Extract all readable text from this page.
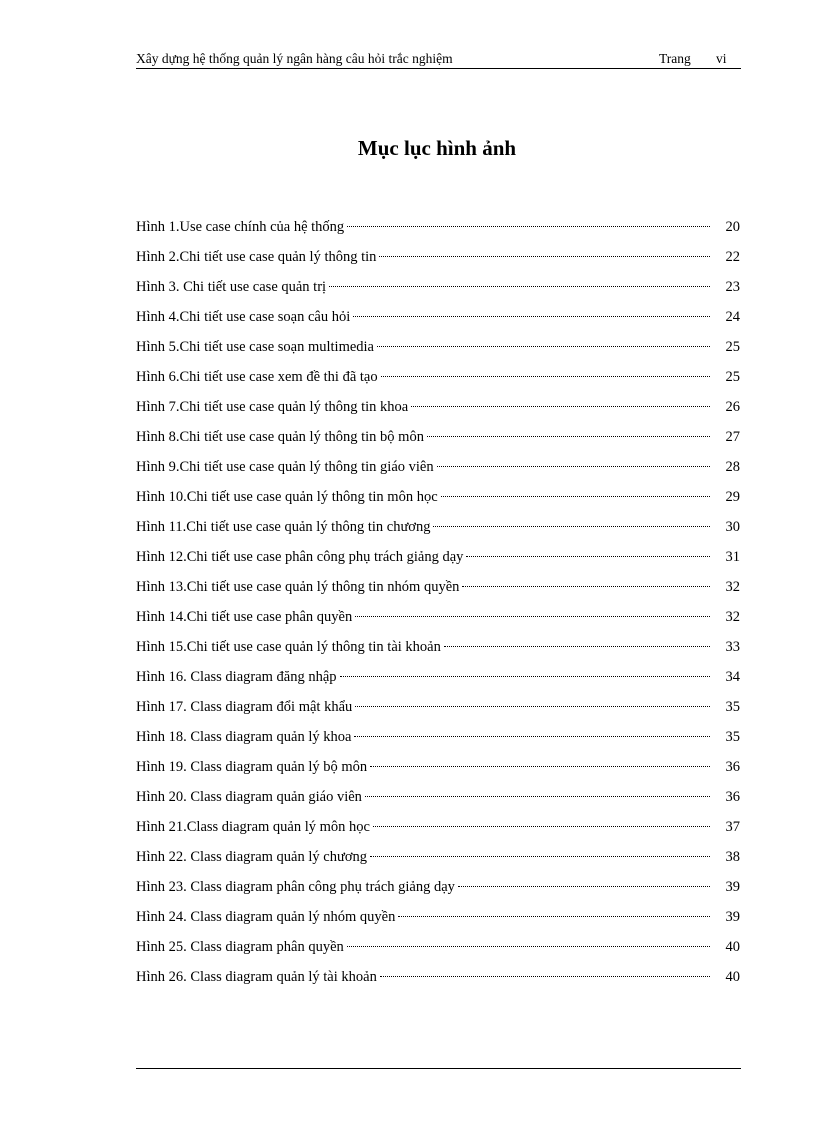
Xây dựng hệ thống quản lý ngân hàng câu hỏi trắc nghiệm	Trang vi
Mục lục hình ảnh
Hình 1.Use case chính của hệ thống	20
Hình 2.Chi tiết use case quản lý thông tin	22
Hình 3. Chi tiết use case quản trị	23
Hình 4.Chi tiết use case soạn câu hỏi	24
Hình 5.Chi tiết use case soạn multimedia	25
Hình 6.Chi tiết use case xem đề thi đã tạo	25
Hình 7.Chi tiết use case quản lý thông tin khoa	26
Hình 8.Chi tiết use case quản lý thông tin bộ môn	27
Hình 9.Chi tiết use case quản lý thông tin giáo viên	28
Hình 10.Chi tiết use case quản lý thông tin môn học	29
Hình 11.Chi tiết use case quản lý thông tin chương	30
Hình 12.Chi tiết use case phân công phụ trách giảng dạy	31
Hình 13.Chi tiết use case quản lý thông tin nhóm quyền	32
Hình 14.Chi tiết use case phân quyền	32
Hình 15.Chi tiết use case quản lý thông tin tài khoản	33
Hình 16. Class diagram đăng nhập	34
Hình 17. Class diagram đổi mật khẩu	35
Hình 18. Class diagram quản lý khoa	35
Hình 19. Class diagram quản lý bộ môn	36
Hình 20. Class diagram quản giáo viên	36
Hình 21.Class diagram quản lý môn học	37
Hình 22. Class diagram quản lý chương	38
Hình 23. Class diagram phân công phụ trách giảng dạy	39
Hình 24. Class diagram quản lý nhóm quyền	39
Hình 25. Class diagram phân quyền	40
Hình 26. Class diagram quản lý tài khoản	40
